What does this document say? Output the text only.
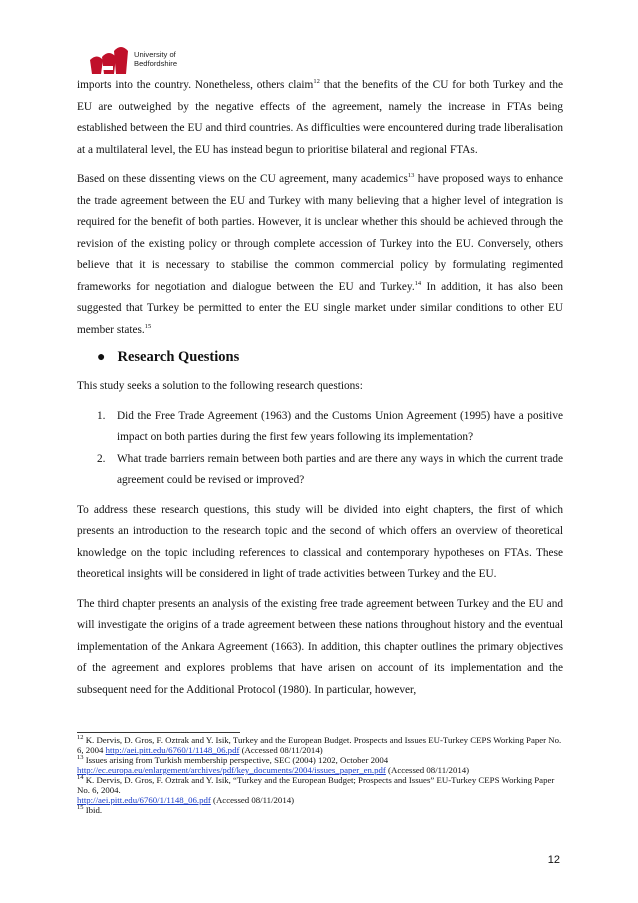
University of
Bedfordshire

imports into the country. Nonetheless, others claim$^{12}$ that the benefits of the CU for both Turkey and the EU are outweighed by the negative effects of the agreement, namely the increase in FTAs being established between the EU and third countries. As difficulties were encountered during trade liberalisation at a multilateral level, the EU has instead begun to prioritise bilateral and regional FTAs.

Based on these dissenting views on the CU agreement, many academics$^{13}$ have proposed ways to enhance the trade agreement between the EU and Turkey with many believing that a higher level of integration is required for the benefit of both parties. However, it is unclear whether this should be achieved through the revision of the existing policy or through complete accession of Turkey into the EU. Conversely, others believe that it is necessary to stabilise the common commercial policy by formulating regimented frameworks for negotiation and dialogue between the EU and Turkey.$^{14}$ In addition, it has also been suggested that Turkey be permitted to enter the EU single market under similar conditions to other EU member states.$^{15}$

● Research Questions

This study seeks a solution to the following research questions:

1.	Did the Free Trade Agreement (1963) and the Customs Union Agreement (1995) have a positive impact on both parties during the first few years following its implementation?
2.	What trade barriers remain between both parties and are there any ways in which the current trade agreement could be revised or improved?

To address these research questions, this study will be divided into eight chapters, the first of which presents an introduction to the research topic and the second of which offers an overview of theoretical knowledge on the topic including references to classical and contemporary hypotheses on FTAs. These theoretical insights will be considered in light of trade activities between Turkey and the EU.

The third chapter presents an analysis of the existing free trade agreement between Turkey and the EU and will investigate the origins of a trade agreement between these nations throughout history and the eventual implementation of the Ankara Agreement (1663). In addition, this chapter outlines the primary objectives of the agreement and explores problems that have arisen on account of its implementation and the subsequent need for the Additional Protocol (1980). In particular, however,

$^{12}$ K. Dervis, D. Gros, F. Oztrak and Y. Isik, Turkey and the European Budget. Prospects and Issues EU-Turkey CEPS Working Paper No. 6, 2004 http://aei.pitt.edu/6760/1/1148_06.pdf (Accessed 08/11/2014)

$^{13}$ Issues arising from Turkish membership perspective, SEC (2004) 1202, October 2004
http://ec.europa.eu/enlargement/archives/pdf/key_documents/2004/issues_paper_en.pdf (Accessed 08/11/2014)

$^{14}$ K. Dervis, D. Gros, F. Oztrak and Y. Isik, “Turkey and the European Budget; Prospects and Issues” EU-Turkey CEPS Working Paper No. 6, 2004.
http://aei.pitt.edu/6760/1/1148_06.pdf (Accessed 08/11/2014)

$^{15}$ Ibid.

12
